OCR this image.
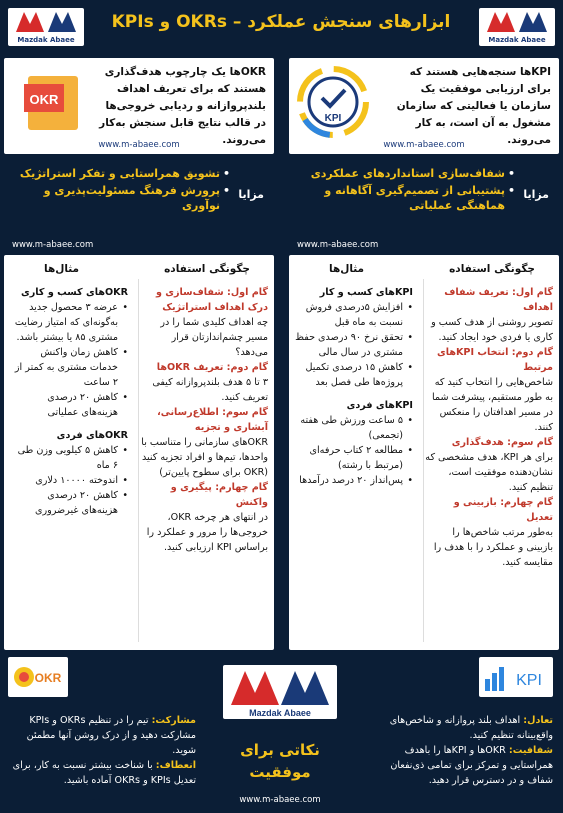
Mazdak Abaee
ابزارهای سنجش عملکرد – OKRs و KPIs
Mazdak Abaee
KPIها سنجه‌هایی هستند که برای ارزیابی موفقیت یک سازمان یا فعالیتی که سازمان مشغول به آن است، به کار می‌روند.
KPI
www.m-abaee.com
مزایا
• شفاف‌سازی استانداردهای عملکردی
• پشتیبانی از تصمیم‌گیری آگاهانه و هماهنگی عملیاتی
OKRها یک چارچوب هدف‌گذاری هستند که برای تعریف اهداف بلندپروازانه و ردیابی خروجی‌ها در قالب نتایج قابل سنجش به‌کار می‌روند.
OKR
www.m-abaee.com
مزایا
• تشویق همراستایی و تفکر استراتژیک
• پرورش فرهنگ مسئولیت‌پذیری و نوآوری
www.m-abaee.com	www.m-abaee.com
چگونگی استفاده
مثال‌ها
گام اول: تعریف شفاف اهداف
تصویر روشنی از هدف کسب و کاری یا فردی خود ایجاد کنید.
گام دوم: انتخاب KPIهای مرتبط
شاخص‌هایی را انتخاب کنید که به طور مستقیم، پیشرفت شما در مسیر اهدافتان را منعکس کنند.
گام سوم: هدف‌گذاری
برای هر KPI، هدف مشخصی که نشان‌دهنده موفقیت است، تنظیم کنید.
گام چهارم: بازبینی و تعدیل
به‌طور مرتب شاخص‌ها را بازبینی و عملکرد را با هدف را مقایسه کنید.
KPIهای کسب و کار
• افزایش ۵درصدی فروش نسبت به ماه قبل
• تحقق نرخ ۹۰ درصدی حفظ مشتری در سال مالی
• کاهش ۱۵ درصدی تکمیل پروژه‌ها طی فصل بعد
KPIهای فردی
• ۵ ساعت ورزش طی هفته (تجمعی)
• مطالعه ۲ کتاب حرفه‌ای (مرتبط با رشته)
• پس‌انداز ۲۰ درصد درآمدها
چگونگی استفاده
مثال‌ها
گام اول: شفاف‌سازی و درک اهداف استراتژیک
چه اهداف کلیدی شما را در مسیر چشم‌اندازتان قرار می‌دهد؟
گام دوم: تعریف OKRها
۳ تا ۵ هدف بلندپروازانه کیفی تعریف کنید.
گام سوم: اطلاع‌رسانی، آبشاری و تجزیه
OKRهای سازمانی را متناسب با واحدها، تیم‌ها و افراد تجزیه کنید (OKR برای سطوح پایین‌تر)
گام چهارم: پیگیری و واکنش
در انتهای هر چرخه OKR، خروجی‌ها را مرور و عملکرد را براساس KPI ارزیابی کنید.
OKRهای کسب و کاری
• عرضه ۳ محصول جدید به‌گونه‌ای که امتیاز رضایت مشتری ۸۵ یا بیشتر باشد.
• کاهش زمان واکنش خدمات مشتری به کمتر از ۲ ساعت
• کاهش ۲۰ درصدی هزینه‌های عملیاتی
OKRهای فردی
• کاهش ۵ کیلویی وزن طی ۶ ماه
• اندوخته ۱۰۰۰۰ دلاری
• کاهش ۲۰ درصدی هزینه‌های غیرضروری
KPI
تعادل: اهداف بلند پروازانه و شاخص‌های واقع‌بینانه تنظیم کنید.
شفافیت: OKRها و KPIها را باهدف همراستایی و تمرکز برای تمامی ذی‌نفعان شفاف و در دسترس قرار دهید.
Mazdak Abaee
نکاتی برای
موفقیت
www.m-abaee.com
OKR
مشارکت: تیم را در تنظیم OKRs و KPIs مشارکت دهید و از درک روشن آنها مطمئن شوید.
انعطاف: با شناخت بیشتر نسبت به کار، برای تعدیل KPIs و OKRs آماده باشید.
